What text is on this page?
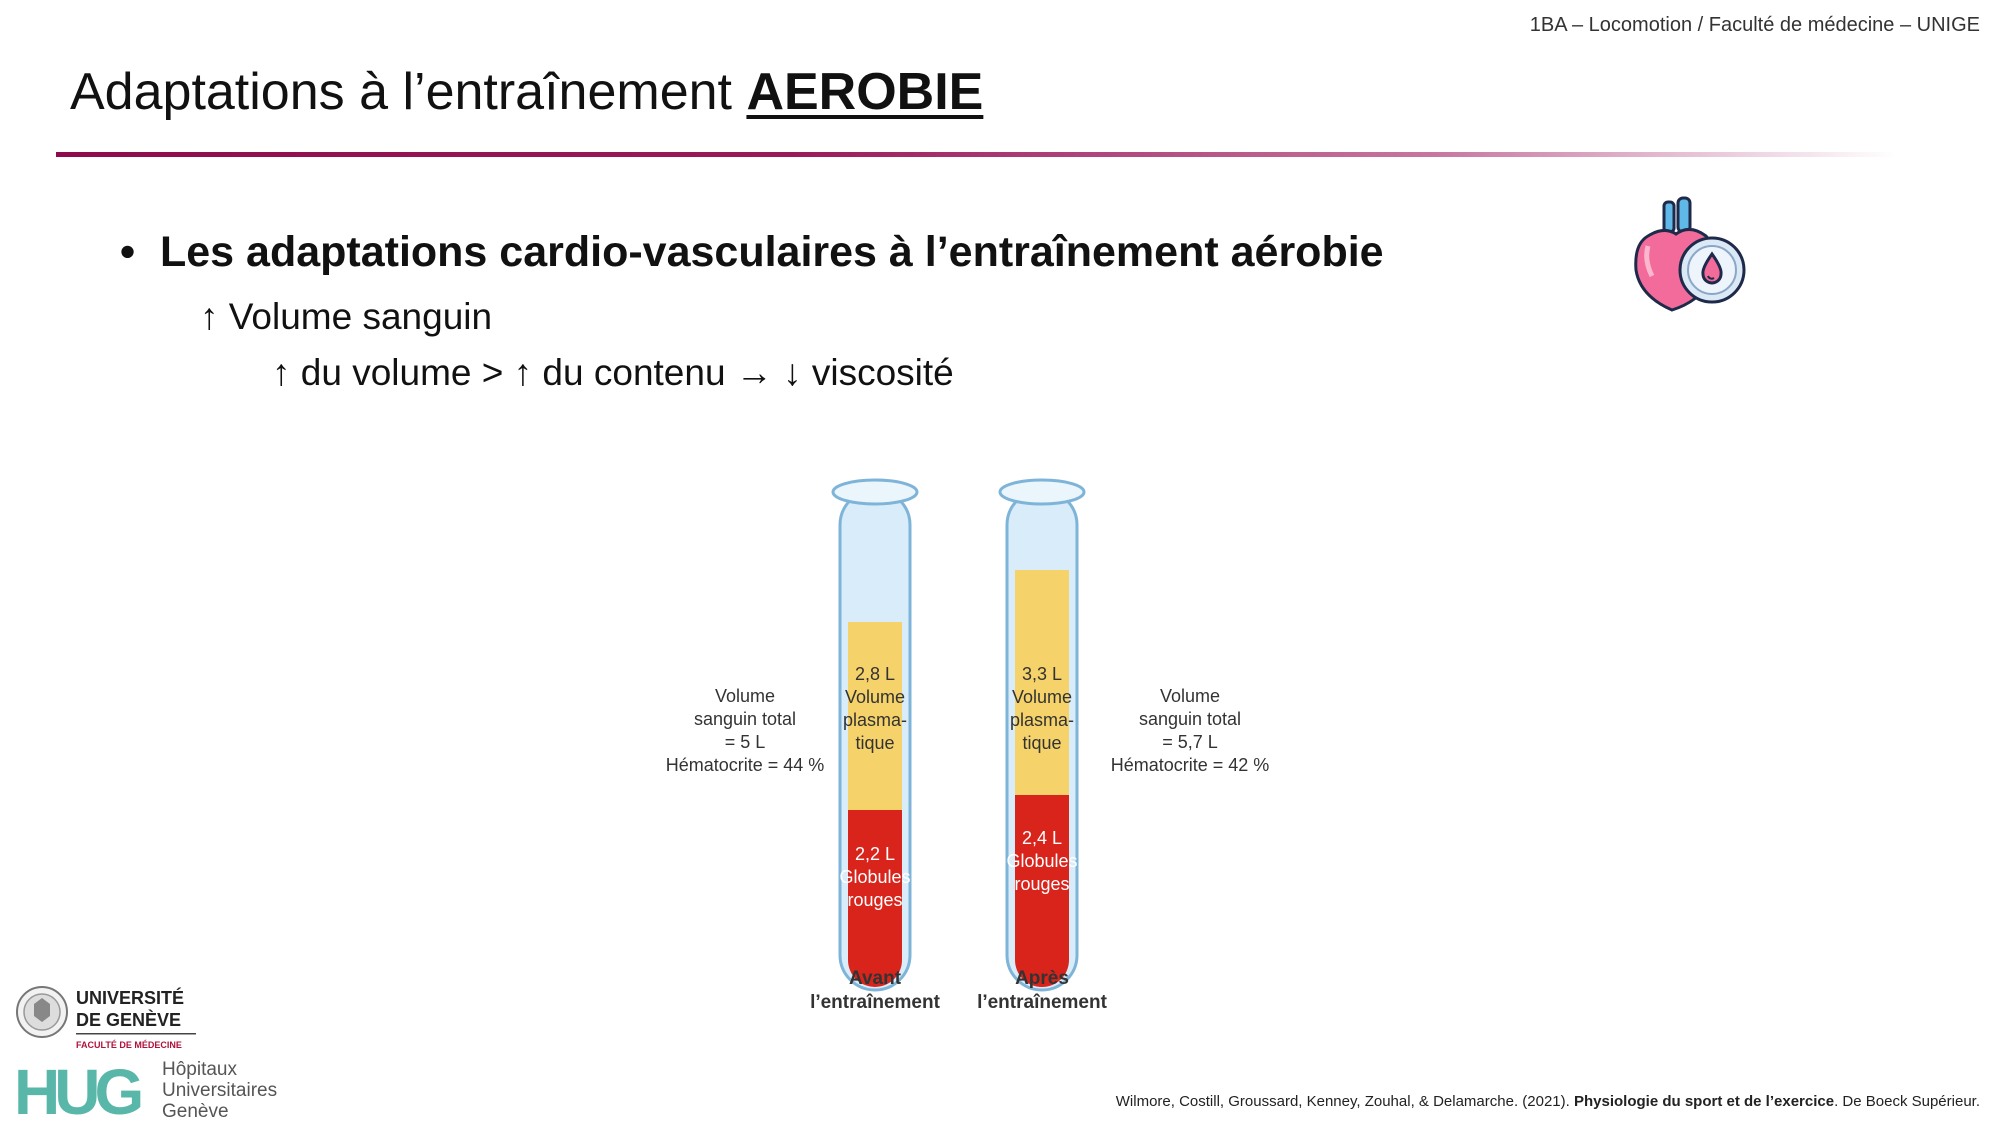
1BA – Locomotion / Faculté de médecine – UNIGE
Adaptations à l’entraînement AEROBIE
• Les adaptations cardio-vasculaires à l’entraînement aérobie
↑ Volume sanguin
↑ du volume > ↑ du contenu → ↓ viscosité
2,8 L
Volume
plasma-
tique
2,2 L
Globules
rouges
3,3 L
Volume
plasma-
tique
2,4 L
Globules
rouges
Volume
sanguin total
= 5 L
Hématocrite = 44 %
Volume
sanguin total
= 5,7 L
Hématocrite = 42 %
Avant
l’entraînement
Après
l’entraînement
UNIVERSITÉ
DE GENÈVE
FACULTÉ DE MÉDECINE
HUG Hôpitaux
Universitaires
Genève	Wilmore, Costill, Groussard, Kenney, Zouhal, & Delamarche. (2021). Physiologie du sport et de l’exercice. De Boeck Supérieur.
